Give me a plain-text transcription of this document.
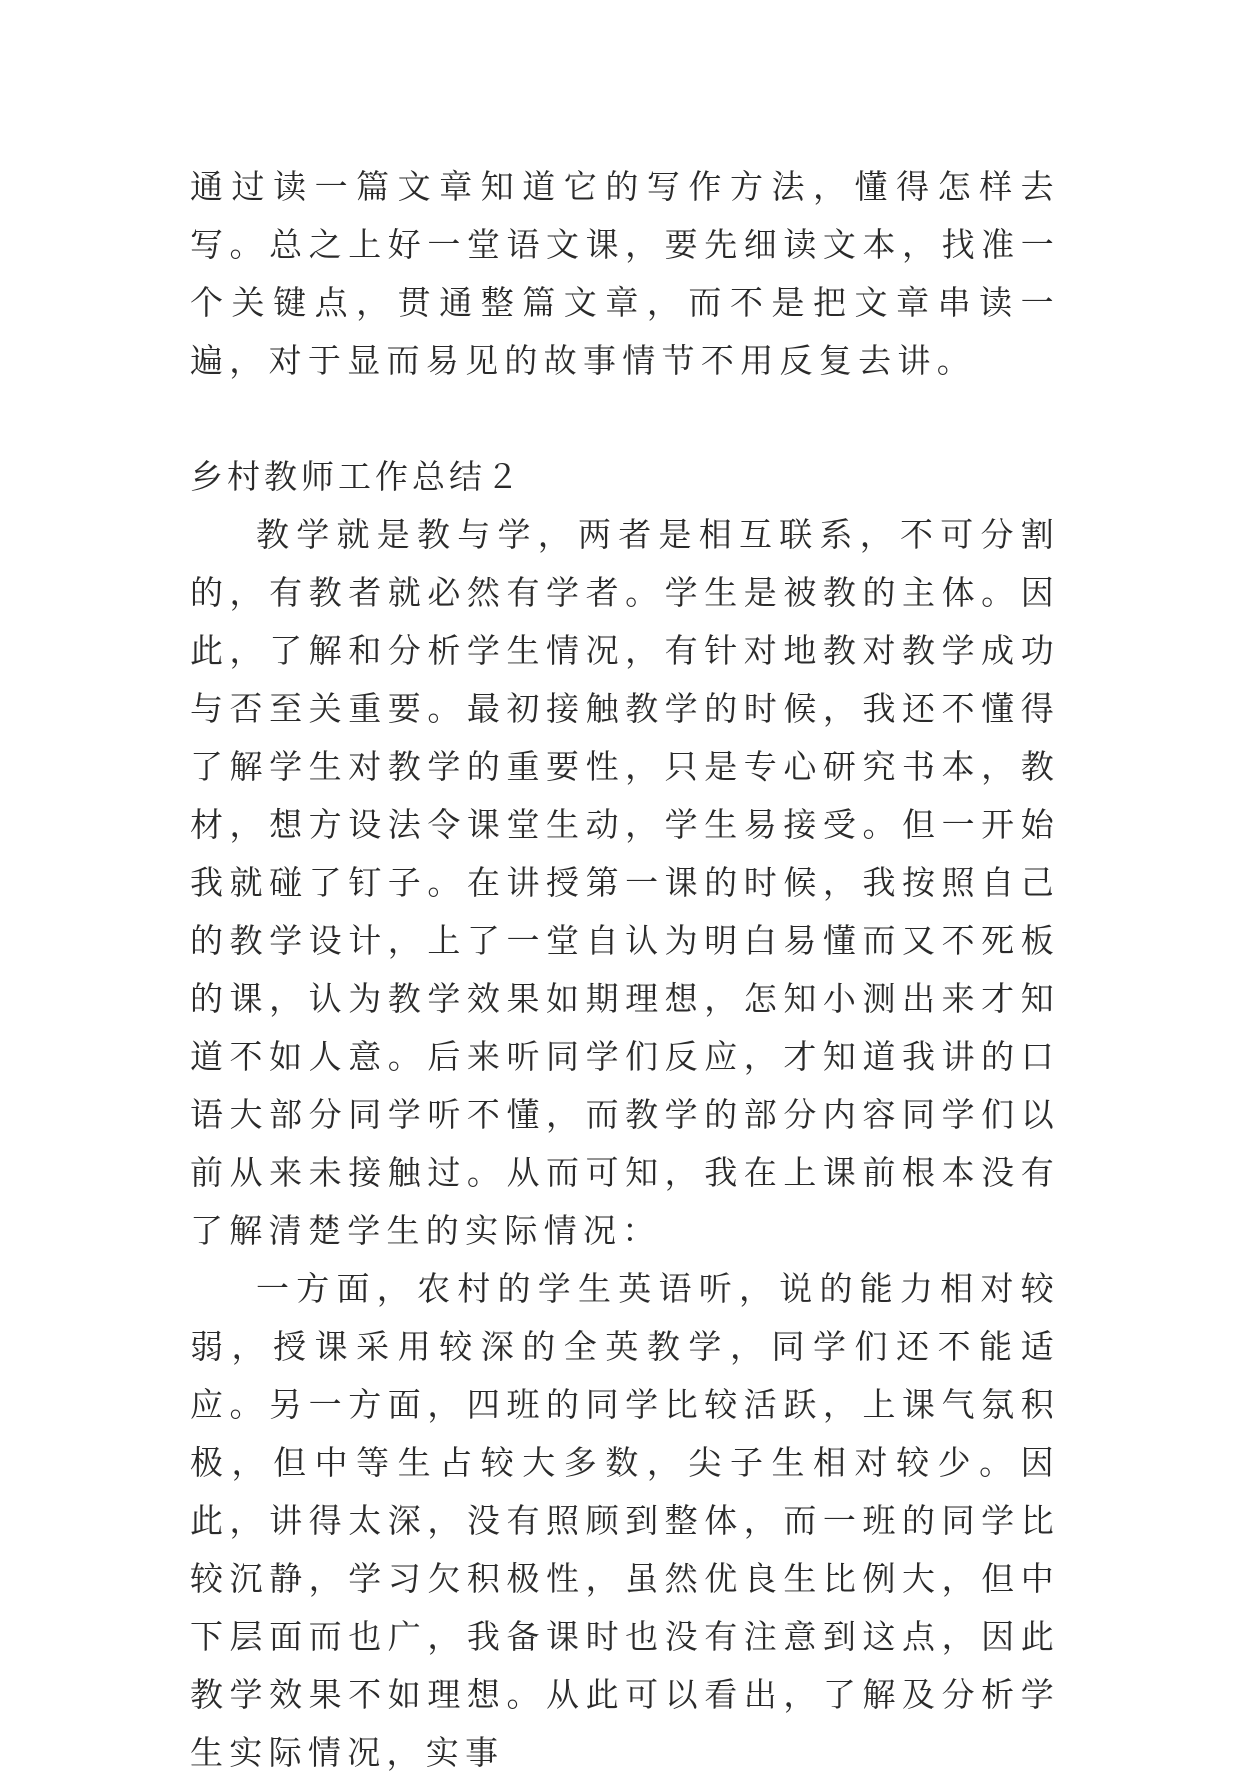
通过读一篇文章知道它的写作方法，懂得怎样去写。总之上好一堂语文课，要先细读文本，找准一个关键点，贯通整篇文章，而不是把文章串读一遍，对于显而易见的故事情节不用反复去讲。

乡村教师工作总结２

教学就是教与学，两者是相互联系，不可分割的，有教者就必然有学者。学生是被教的主体。因此，了解和分析学生情况，有针对地教对教学成功与否至关重要。最初接触教学的时候，我还不懂得了解学生对教学的重要性，只是专心研究书本，教材，想方设法令课堂生动，学生易接受。但一开始我就碰了钉子。在讲授第一课的时候，我按照自己的教学设计，上了一堂自认为明白易懂而又不死板的课，认为教学效果如期理想，怎知小测出来才知道不如人意。后来听同学们反应，才知道我讲的口语大部分同学听不懂，而教学的部分内容同学们以前从来未接触过。从而可知，我在上课前根本没有了解清楚学生的实际情况：

一方面，农村的学生英语听，说的能力相对较弱，授课采用较深的全英教学，同学们还不能适应。另一方面，四班的同学比较活跃，上课气氛积极，但中等生占较大多数，尖子生相对较少。因此，讲得太深，没有照顾到整体，而一班的同学比较沉静，学习欠积极性，虽然优良生比例大，但中下层面而也广，我备课时也没有注意到这点，因此教学效果不如理想。从此可以看出，了解及分析学生实际情况，实事
